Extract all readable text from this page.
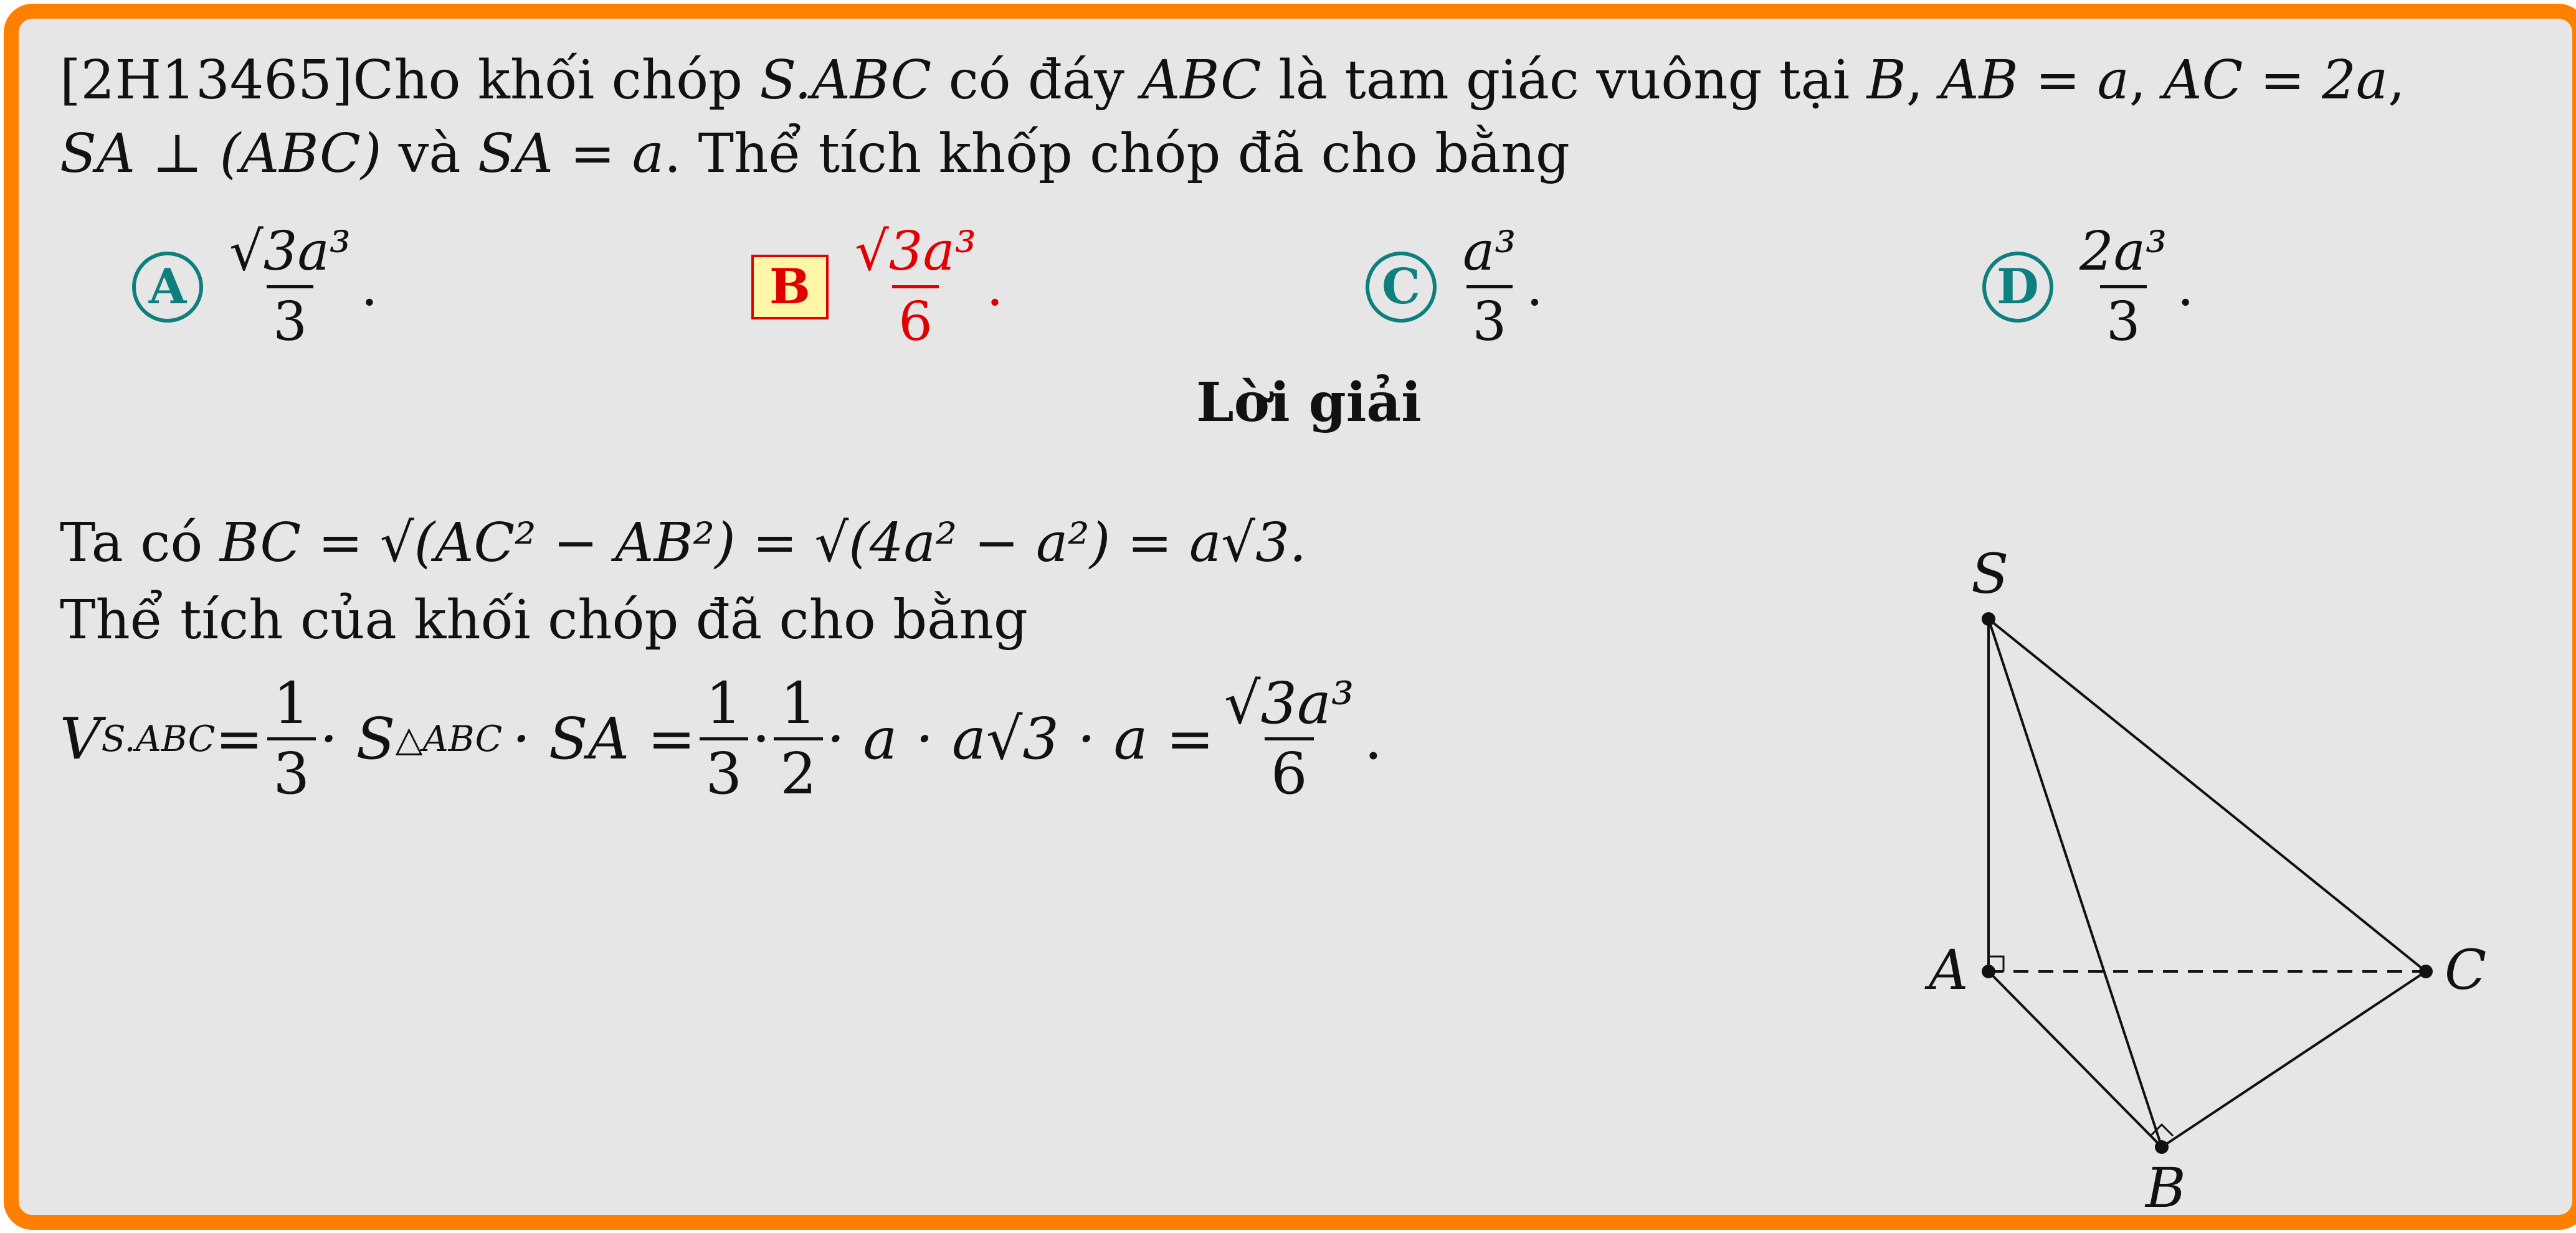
[2H13465]Cho khối chóp S.ABC có đáy ABC là tam giác vuông tại B, AB = a, AC = 2a,
SA ⊥ (ABC) và SA = a. Thể tích khốp chóp đã cho bằng
A $\frac{\text{√3a³}}{3}$ .	B $\frac{\text{√3a³}}{6}$ .	C $\frac{\text{a³}}{3}$ .	D $\frac{\text{2a³}}{3}$ .
Lời giải
Ta có BC = √(AC² − AB²) = √(4a² − a²) = a√3.
Thể tích của khối chóp đã cho bằng
V $S.ABC = \frac{1}{3} \cdot S$ △ABC · SA = $\frac{1}{3} \cdot \frac{1}{2} \cdot a \cdot a√3 \cdot a = \frac{\text{√3a³}}{6}$ .
S
A
B
C
